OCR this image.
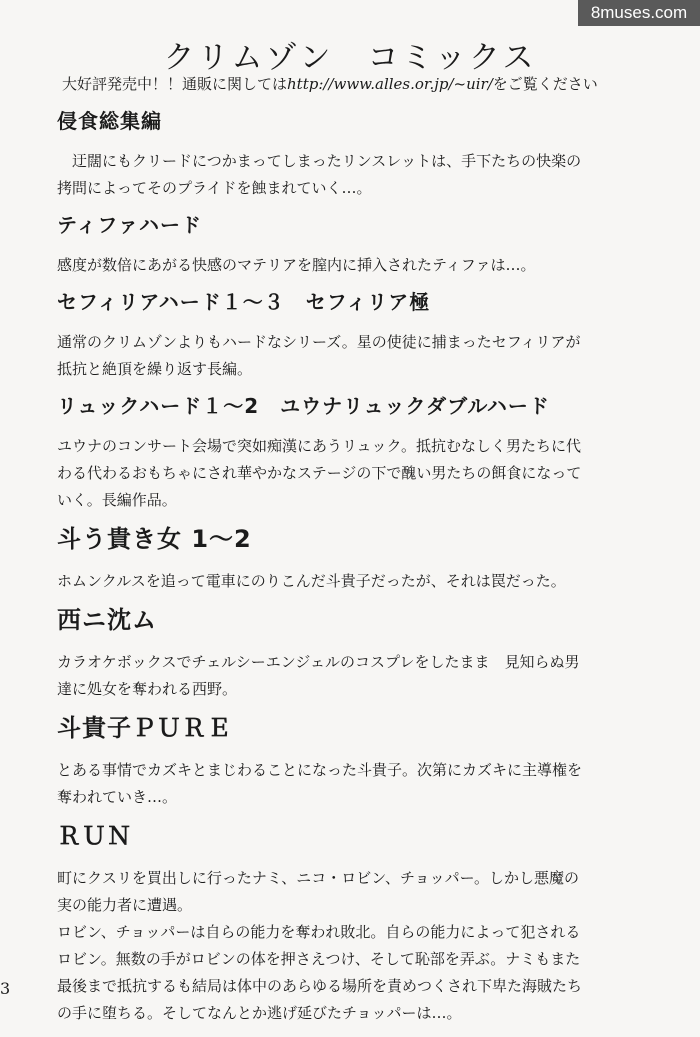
8muses.com
クリムゾン　コミックス
大好評発売中！！通販に関してはhttp://www.alles.or.jp/~uir/をご覧ください
侵食総集編

　迂闊にもクリードにつかまってしまったリンスレットは、手下たちの快楽の
拷問によってそのプライドを蝕まれていく…。

ティファハード

感度が数倍にあがる快感のマテリアを膣内に挿入されたティファは…。

セフィリアハード１〜３　セフィリア極

通常のクリムゾンよりもハードなシリーズ。星の使徒に捕まったセフィリアが
抵抗と絶頂を繰り返す長編。

リュックハード１〜2　ユウナリュックダブルハード

ユウナのコンサート会場で突如痴漢にあうリュック。抵抗むなしく男たちに代
わる代わるおもちゃにされ華やかなステージの下で醜い男たちの餌食になって
いく。長編作品。

斗う貴き女 1〜2

ホムンクルスを追って電車にのりこんだ斗貴子だったが、それは罠だった。

西ニ沈ム

カラオケボックスでチェルシーエンジェルのコスプレをしたまま　見知らぬ男
達に処女を奪われる西野。

斗貴子ＰＵＲＥ

とある事情でカズキとまじわることになった斗貴子。次第にカズキに主導権を
奪われていき…。

ＲＵＮ

町にクスリを買出しに行ったナミ、ニコ・ロビン、チョッパー。しかし悪魔の
実の能力者に遭遇。
ロビン、チョッパーは自らの能力を奪われ敗北。自らの能力によって犯される
ロビン。無数の手がロビンの体を押さえつけ、そして恥部を弄ぶ。ナミもまた
最後まで抵抗するも結局は体中のあらゆる場所を責めつくされ下卑た海賊たち
の手に堕ちる。そしてなんとか逃げ延びたチョッパーは…。

3
